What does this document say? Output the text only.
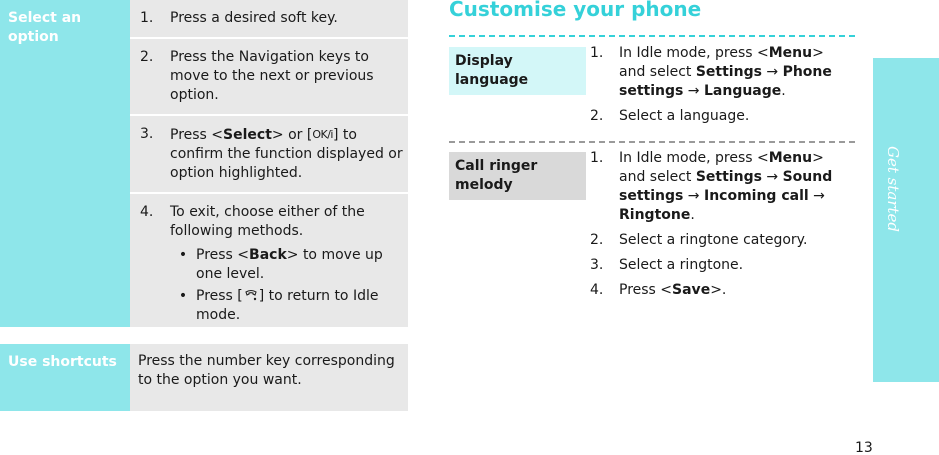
Select an option
1.	Press a desired soft key.
2.	Press the Navigation keys to move to the next or previous option.
3.	Press <Select> or [OK/i] to confirm the function displayed or option highlighted.
4.	To exit, choose either of the following methods.
• Press <Back> to move up one level.
• Press [ ] to return to Idle mode.
Use shortcuts	Press the number key corresponding to the option you want.
Customise your phone
Display language
1.	In Idle mode, press <Menu> and select Settings → Phone settings → Language.
2.	Select a language.
Call ringer melody
1.	In Idle mode, press <Menu> and select Settings → Sound settings → Incoming call → Ringtone.
2.	Select a ringtone category.
3.	Select a ringtone.
4.	Press <Save>.
Get started
13
